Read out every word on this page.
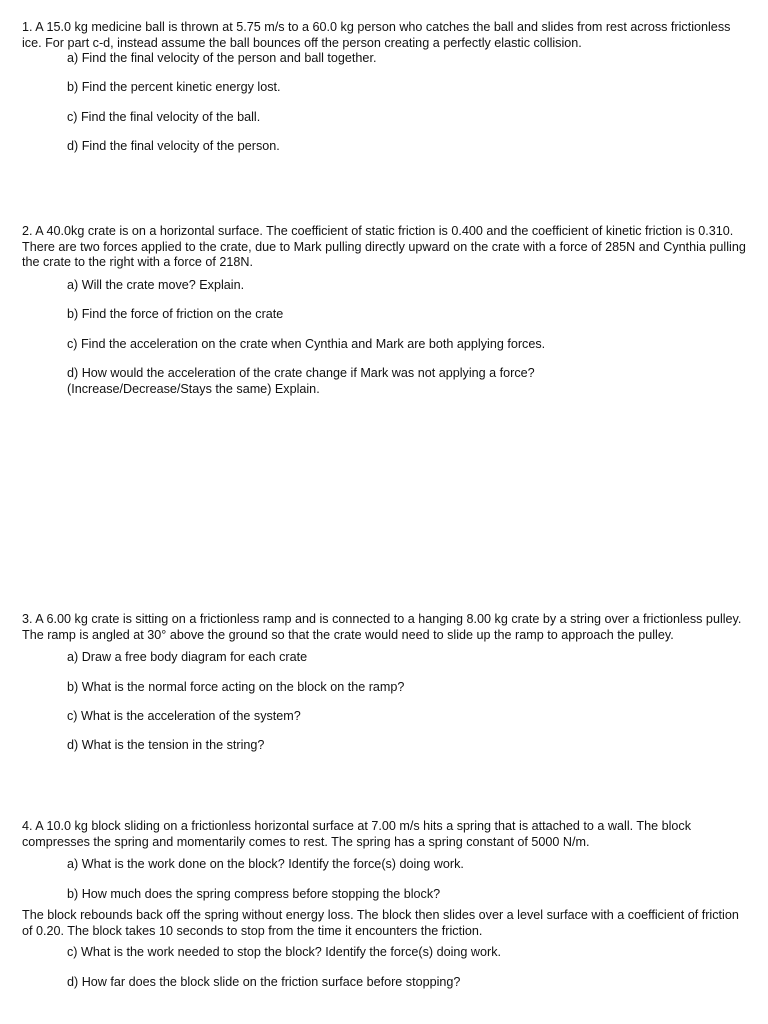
1. A 15.0 kg medicine ball is thrown at 5.75 m/s to a 60.0 kg person who catches the ball and slides from rest across frictionless ice. For part c-d, instead assume the ball bounces off the person creating a perfectly elastic collision.

a) Find the final velocity of the person and ball together.
b) Find the percent kinetic energy lost.
c) Find the final velocity of the ball.
d) Find the final velocity of the person.

2. A 40.0kg crate is on a horizontal surface. The coefficient of static friction is 0.400 and the coefficient of kinetic friction is 0.310. There are two forces applied to the crate, due to Mark pulling directly upward on the crate with a force of 285N and Cynthia pulling the crate to the right with a force of 218N.

a) Will the crate move? Explain.
b) Find the force of friction on the crate
c) Find the acceleration on the crate when Cynthia and Mark are both applying forces.
d) How would the acceleration of the crate change if Mark was not applying a force? (Increase/Decrease/Stays the same) Explain.

3. A 6.00 kg crate is sitting on a frictionless ramp and is connected to a hanging 8.00 kg crate by a string over a frictionless pulley. The ramp is angled at 30° above the ground so that the crate would need to slide up the ramp to approach the pulley.

a) Draw a free body diagram for each crate
b) What is the normal force acting on the block on the ramp?
c) What is the acceleration of the system?
d) What is the tension in the string?

4. A 10.0 kg block sliding on a frictionless horizontal surface at 7.00 m/s hits a spring that is attached to a wall. The block compresses the spring and momentarily comes to rest. The spring has a spring constant of 5000 N/m.

a) What is the work done on the block? Identify the force(s) doing work.
b) How much does the spring compress before stopping the block?

The block rebounds back off the spring without energy loss. The block then slides over a level surface with a coefficient of friction of 0.20. The block takes 10 seconds to stop from the time it encounters the friction.

c) What is the work needed to stop the block? Identify the force(s) doing work.
d) How far does the block slide on the friction surface before stopping?
